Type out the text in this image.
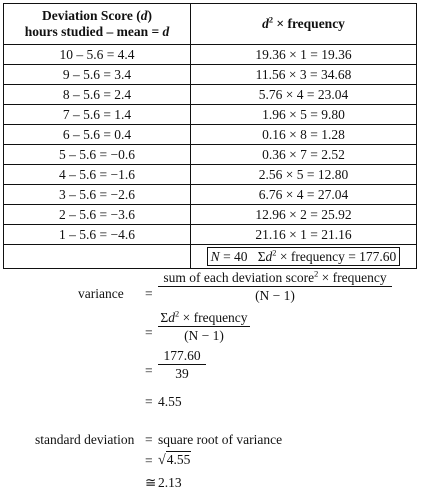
Deviation Score (d)
hours studied – mean = d	$d^2$ × frequency
10 – 5.6 = 4.4	19.36 × 1 = 19.36
9 – 5.6 = 3.4	11.56 × 3 = 34.68
8 – 5.6 = 2.4	5.76 × 4 = 23.04
7 – 5.6 = 1.4	1.96 × 5 = 9.80
6 – 5.6 = 0.4	0.16 × 8 = 1.28
5 – 5.6 = −0.6	0.36 × 7 = 2.52
4 – 5.6 = −1.6	2.56 × 5 = 12.80
3 – 5.6 = −2.6	6.76 × 4 = 27.04
2 – 5.6 = −3.6	12.96 × 2 = 25.92
1 – 5.6 = −4.6	21.16 × 1 = 21.16
	N = 40   $\Sigma d^2$ × frequency = 177.60
variance =
sum of each deviation score$^2$ × frequency
(N − 1)
=
$\Sigma d^2$ × frequency
(N − 1)
= $\frac{177.60}{39}$
= 4.55
standard deviation = square root of variance
= √4.55
≅ 2.13
